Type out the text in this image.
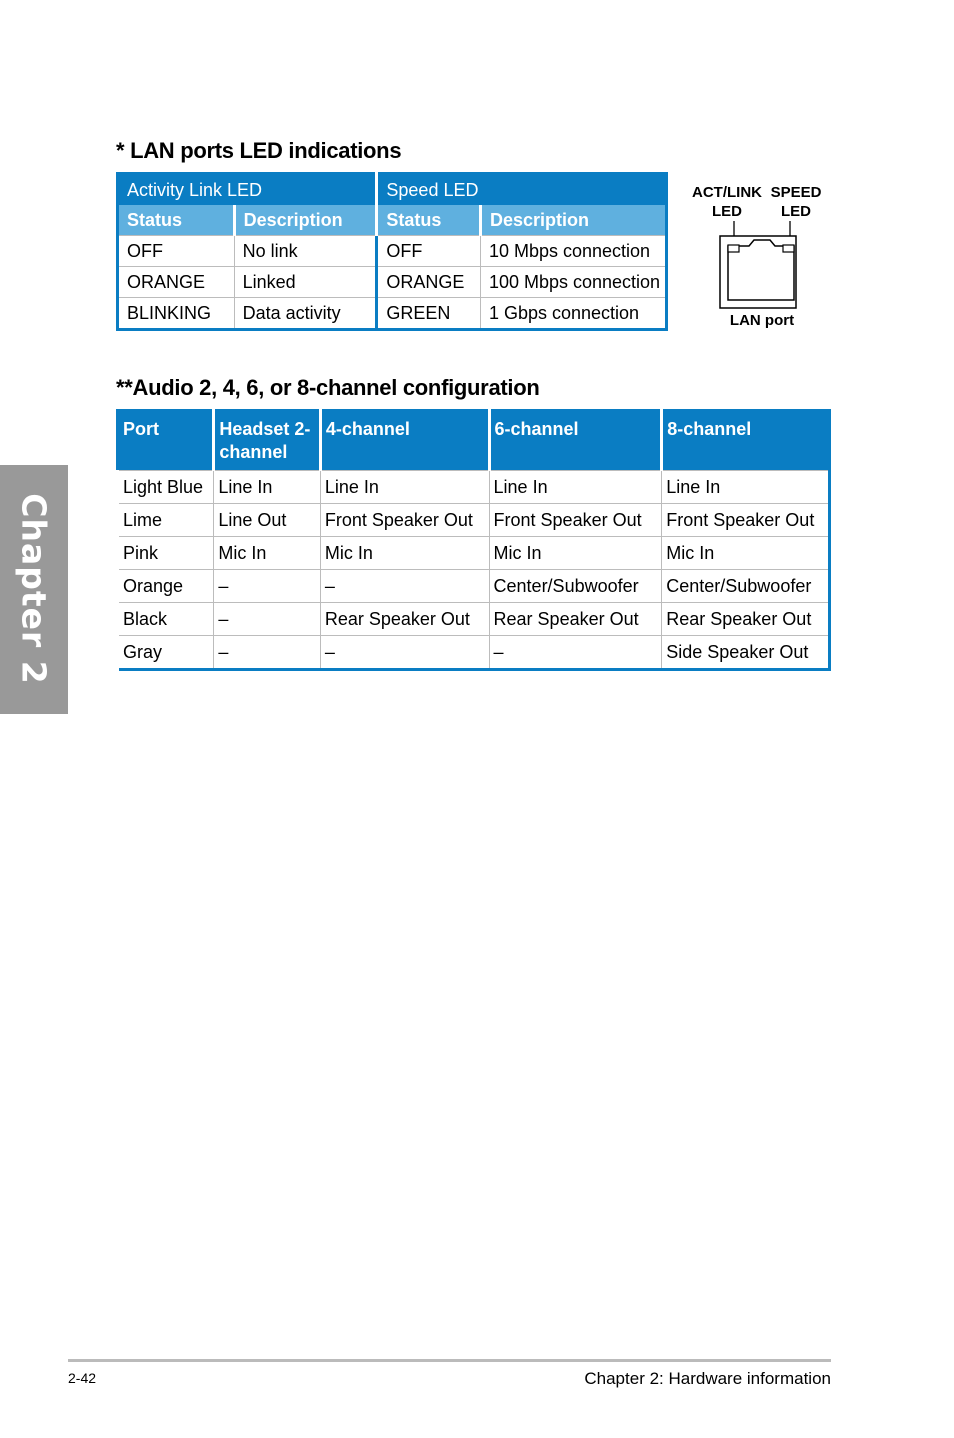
Chapter 2
* LAN ports LED indications
Activity Link LED		Speed LED	
Status	Description	Status	Description
OFF	No link	OFF	10 Mbps connection
ORANGE	Linked	ORANGE	100 Mbps connection
BLINKING	Data activity	GREEN	1 Gbps connection
ACT/LINK
LED
SPEED
LED
LAN port
**Audio 2, 4, 6, or 8-channel configuration
Port	Headset 2-channel	4-channel	6-channel	8-channel
Light Blue	Line In	Line In	Line In	Line In
Lime	Line Out	Front Speaker Out	Front Speaker Out	Front Speaker Out
Pink	Mic In	Mic In	Mic In	Mic In
Orange	–	–	Center/Subwoofer	Center/Subwoofer
Black	–	Rear Speaker Out	Rear Speaker Out	Rear Speaker Out
Gray	–	–	–	Side Speaker Out
2-42	Chapter 2: Hardware information
